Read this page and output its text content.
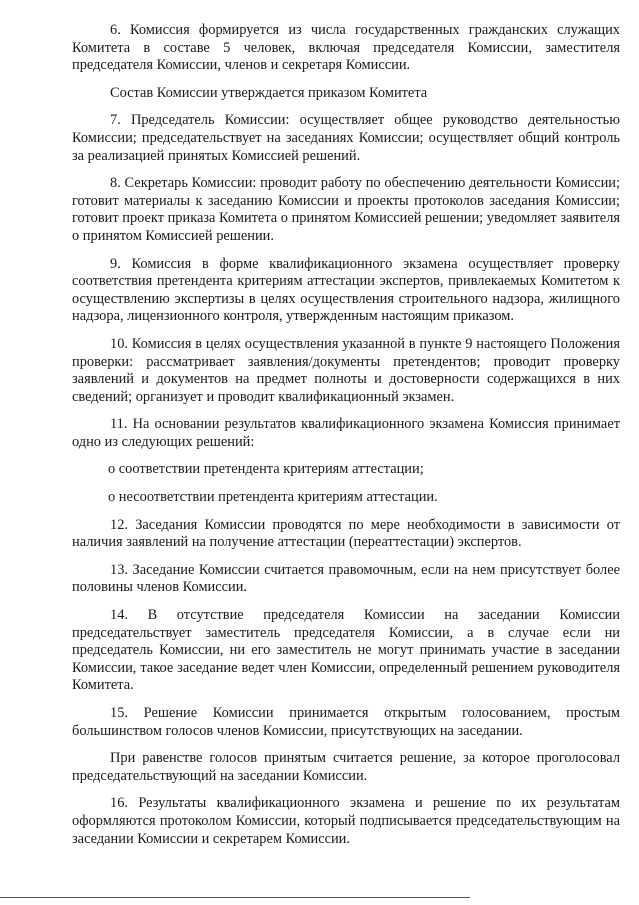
6. Комиссия формируется из числа государственных гражданских служащих Комитета в составе 5 человек, включая председателя Комиссии, заместителя председателя Комиссии, членов и секретаря Комиссии.

Состав Комиссии утверждается приказом Комитета

7. Председатель Комиссии: осуществляет общее руководство деятельностью Комиссии; председательствует на заседаниях Комиссии; осуществляет общий контроль за реализацией принятых Комиссией решений.

8. Секретарь Комиссии: проводит работу по обеспечению деятельности Комиссии; готовит материалы к заседанию Комиссии и проекты протоколов заседания Комиссии; готовит проект приказа Комитета о принятом Комиссией решении; уведомляет заявителя о принятом Комиссией решении.

9. Комиссия в форме квалификационного экзамена осуществляет проверку соответствия претендента критериям аттестации экспертов, привлекаемых Комитетом к осуществлению экспертизы в целях осуществления строительного надзора, жилищного надзора, лицензионного контроля, утвержденным настоящим приказом.

10. Комиссия в целях осуществления указанной в пункте 9 настоящего Положения проверки: рассматривает заявления/документы претендентов; проводит проверку заявлений и документов на предмет полноты и достоверности содержащихся в них сведений; организует и проводит квалификационный экзамен.

11. На основании результатов квалификационного экзамена Комиссия принимает одно из следующих решений:

о соответствии претендента критериям аттестации;

о несоответствии претендента критериям аттестации.

12. Заседания Комиссии проводятся по мере необходимости в зависимости от наличия заявлений на получение аттестации (переаттестации) экспертов.

13. Заседание Комиссии считается правомочным, если на нем присутствует более половины членов Комиссии.

14. В отсутствие председателя Комиссии на заседании Комиссии председательствует заместитель председателя Комиссии, а в случае если ни председатель Комиссии, ни его заместитель не могут принимать участие в заседании Комиссии, такое заседание ведет член Комиссии, определенный решением руководителя Комитета.

15. Решение Комиссии принимается открытым голосованием, простым большинством голосов членов Комиссии, присутствующих на заседании.

При равенстве голосов принятым считается решение, за которое проголосовал председательствующий на заседании Комиссии.

16. Результаты квалификационного экзамена и решение по их результатам оформляются протоколом Комиссии, который подписывается председательствующим на заседании Комиссии и секретарем Комиссии.
